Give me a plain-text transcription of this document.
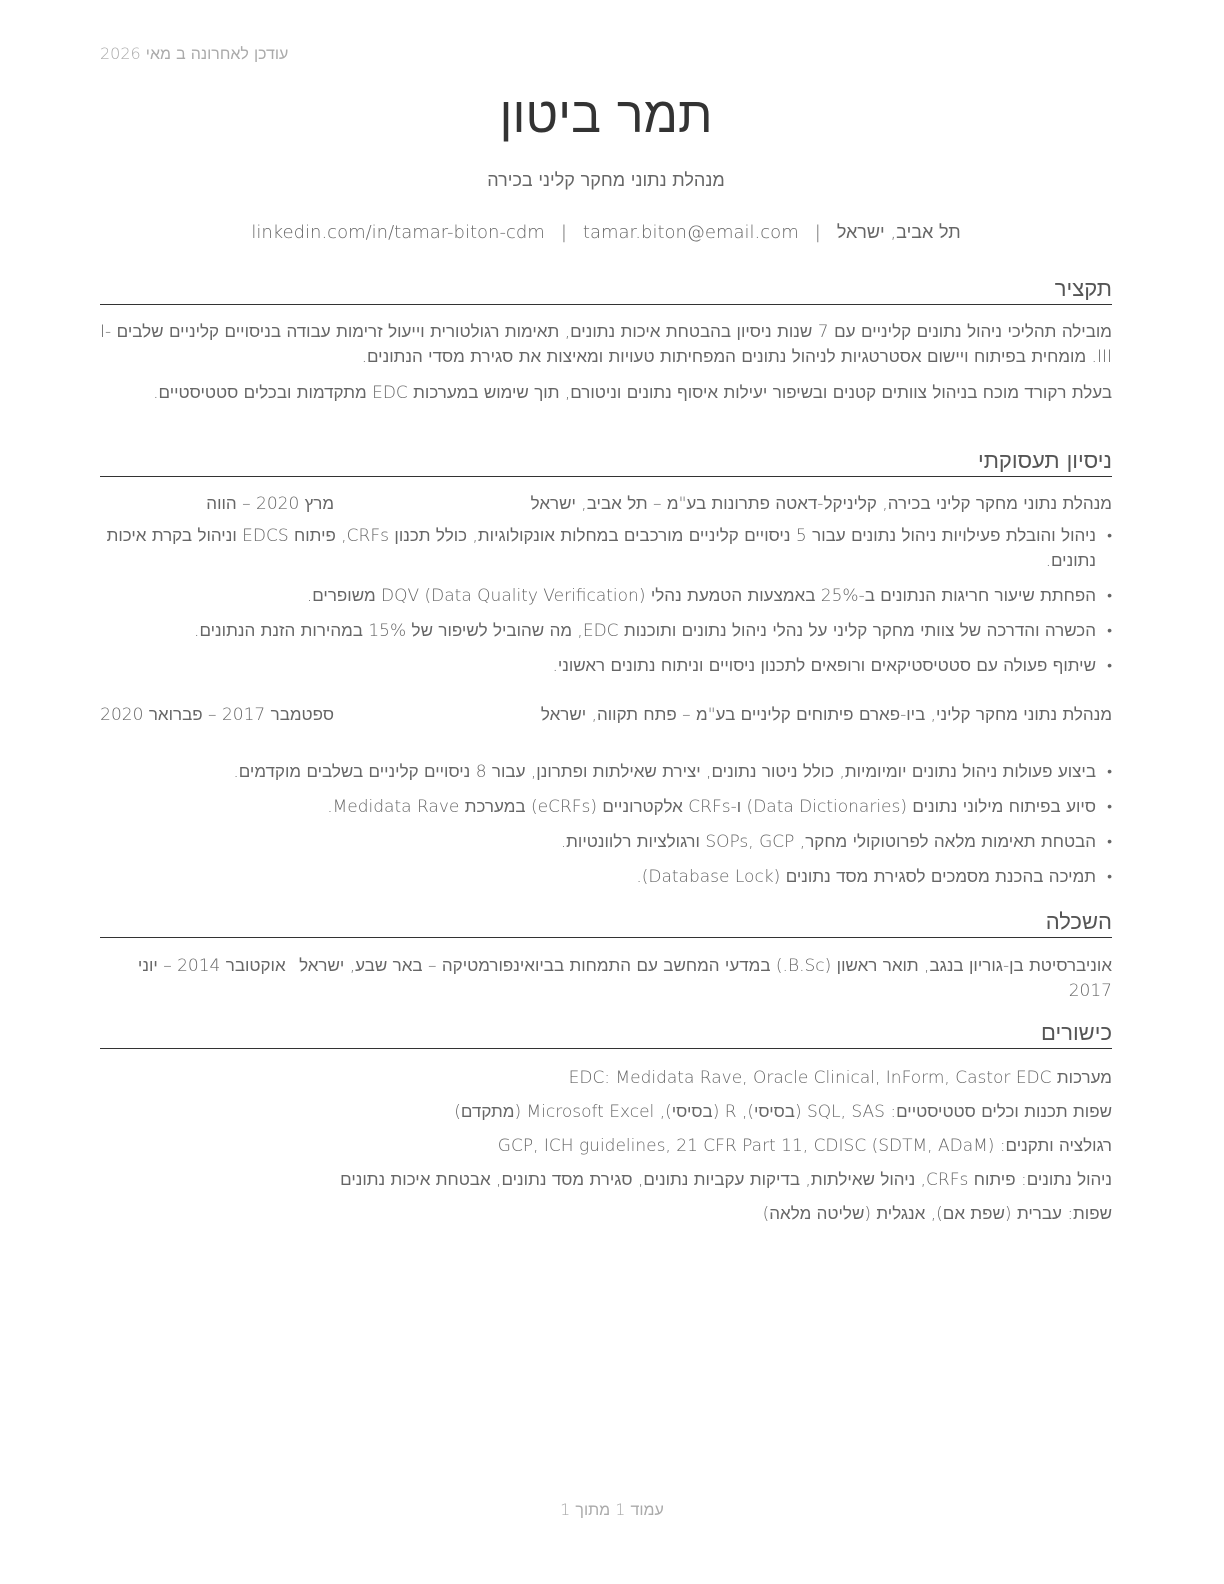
עודכן לאחרונה ב מאי 2026
תמר ביטון
מנהלת נתוני מחקר קליני בכירה
תל אביב, ישראל|tamar.biton@email.com|linkedin.com/in/tamar-biton-cdm
תקציר
מובילה תהליכי ניהול נתונים קליניים עם 7 שנות ניסיון בהבטחת איכות נתונים, תאימות רגולטורית וייעול זרימות עבודה בניסויים קליניים שלבים I-III. מומחית בפיתוח ויישום אסטרטגיות לניהול נתונים המפחיתות טעויות ומאיצות את סגירת מסדי הנתונים.
בעלת רקורד מוכח בניהול צוותים קטנים ובשיפור יעילות איסוף נתונים וניטורם, תוך שימוש במערכות EDC מתקדמות ובכלים סטטיסטיים.
ניסיון תעסוקתי
מנהלת נתוני מחקר קליני בכירה, קליניקל-דאטה פתרונות בע"מ – תל אביב, ישראל
מרץ 2020 – הווה
• ניהול והובלת פעילויות ניהול נתונים עבור 5 ניסויים קליניים מורכבים במחלות אונקולוגיות, כולל תכנון CRFs, פיתוח EDCS וניהול בקרת איכות נתונים.
• הפחתת שיעור חריגות הנתונים ב-25% באמצעות הטמעת נהלי DQV (Data Quality Verification) משופרים.
• הכשרה והדרכה של צוותי מחקר קליני על נהלי ניהול נתונים ותוכנות EDC, מה שהוביל לשיפור של 15% במהירות הזנת הנתונים.
• שיתוף פעולה עם סטטיסטיקאים ורופאים לתכנון ניסויים וניתוח נתונים ראשוני.
מנהלת נתוני מחקר קליני, ביו-פארם פיתוחים קליניים בע"מ – פתח תקווה, ישראל
ספטמבר 2017 – פברואר 2020
• ביצוע פעולות ניהול נתונים יומיומיות, כולל ניטור נתונים, יצירת שאילתות ופתרונן, עבור 8 ניסויים קליניים בשלבים מוקדמים.
• סיוע בפיתוח מילוני נתונים (Data Dictionaries) ו-CRFs אלקטרוניים (eCRFs) במערכת Medidata Rave.
• הבטחת תאימות מלאה לפרוטוקולי מחקר, SOPs, GCP ורגולציות רלוונטיות.
• תמיכה בהכנת מסמכים לסגירת מסד נתונים (Database Lock).
השכלה
אוניברסיטת בן-גוריון בנגב, תואר ראשון (B.Sc.) במדעי המחשב עם התמחות בביואינפורמטיקה – באר שבע, ישראל אוקטובר 2014 – יוני 2017
כישורים
מערכות EDC: Medidata Rave, Oracle Clinical, InForm, Castor EDC
שפות תכנות וכלים סטטיסטיים: SQL, SAS (בסיסי), R (בסיסי), Microsoft Excel (מתקדם)
רגולציה ותקנים: GCP, ICH guidelines, 21 CFR Part 11, CDISC (SDTM, ADaM)
ניהול נתונים: פיתוח CRFs, ניהול שאילתות, בדיקות עקביות נתונים, סגירת מסד נתונים, אבטחת איכות נתונים
שפות: עברית (שפת אם), אנגלית (שליטה מלאה)
עמוד 1 מתוך 1
